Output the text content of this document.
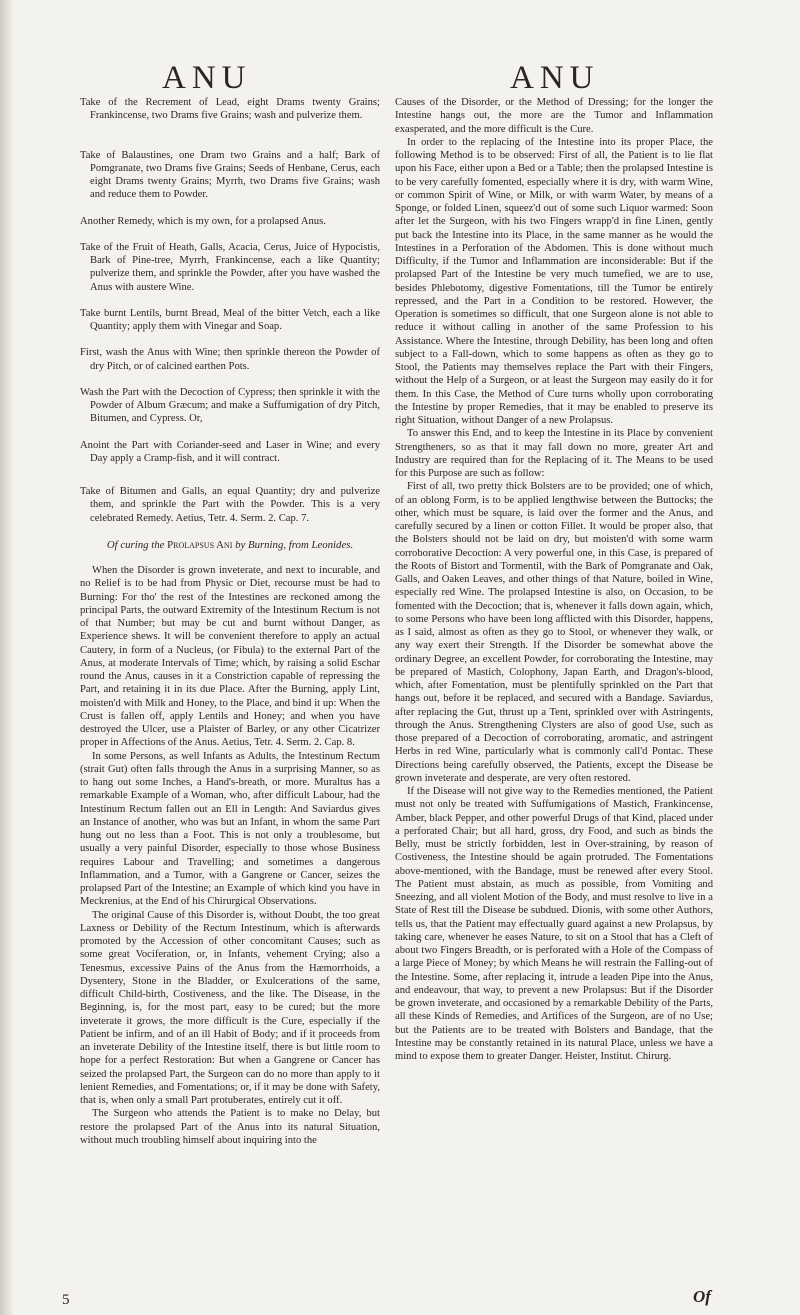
ANU	ANU

Take of the Recrement of Lead, eight Drams twenty Grains; Frankincense, two Drams five Grains; wash and pulverize them.

Take of Balaustines, one Dram two Grains and a half; Bark of Pomgranate, two Drams five Grains; Seeds of Henbane, Cerus, each eight Drams twenty Grains; Myrrh, two Drams five Grains; wash and reduce them to Powder.

Another Remedy, which is my own, for a prolapsed Anus.

Take of the Fruit of Heath, Galls, Acacia, Cerus, Juice of Hypocistis, Bark of Pine-tree, Myrrh, Frankincense, each a like Quantity; pulverize them, and sprinkle the Powder, after you have washed the Anus with austere Wine.

Take burnt Lentils, burnt Bread, Meal of the bitter Vetch, each a like Quantity; apply them with Vinegar and Soap.

First, wash the Anus with Wine; then sprinkle thereon the Powder of dry Pitch, or of calcined earthen Pots.

Wash the Part with the Decoction of Cypress; then sprinkle it with the Powder of Album Græcum; and make a Suffumigation of dry Pitch, Bitumen, and Cypress. Or,

Anoint the Part with Coriander-seed and Laser in Wine; and every Day apply a Cramp-fish, and it will contract.

Take of Bitumen and Galls, an equal Quantity; dry and pulverize them, and sprinkle the Part with the Powder. This is a very celebrated Remedy. Aetius, Tetr. 4. Serm. 2. Cap. 7.

Of curing the Prolapsus Ani by Burning, from Leonides.

When the Disorder is grown inveterate, and next to incurable, and no Relief is to be had from Physic or Diet, recourse must be had to Burning: For tho' the rest of the Intestines are reckoned among the principal Parts, the outward Extremity of the Intestinum Rectum is not of that Number; but may be cut and burnt without Danger, as Experience shews. It will be convenient therefore to apply an actual Cautery, in form of a Nucleus, (or Fibula) to the external Part of the Anus, at moderate Intervals of Time; which, by raising a solid Eschar round the Anus, causes in it a Constriction capable of repressing the Part, and retaining it in its due Place. After the Burning, apply Lint, moisten'd with Milk and Honey, to the Place, and bind it up: When the Crust is fallen off, apply Lentils and Honey; and when you have destroyed the Ulcer, use a Plaister of Barley, or any other Cicatrizer proper in Affections of the Anus. Aetius, Tetr. 4. Serm. 2. Cap. 8.

In some Persons, as well Infants as Adults, the Intestinum Rectum (strait Gut) often falls through the Anus in a surprising Manner, so as to hang out some Inches, a Hand's-breath, or more. Muraltus has a remarkable Example of a Woman, who, after difficult Labour, had the Intestinum Rectum fallen out an Ell in Length: And Saviardus gives an Instance of another, who was but an Infant, in whom the same Part hung out no less than a Foot. This is not only a troublesome, but usually a very painful Disorder, especially to those whose Business requires Labour and Travelling; and sometimes a dangerous Inflammation, and a Tumor, with a Gangrene or Cancer, seizes the prolapsed Part of the Intestine; an Example of which kind you have in Meckrenius, at the End of his Chirurgical Observations.

The original Cause of this Disorder is, without Doubt, the too great Laxness or Debility of the Rectum Intestinum, which is afterwards promoted by the Accession of other concomitant Causes; such as some great Vociferation, or, in Infants, vehement Crying; also a Tenesmus, excessive Pains of the Anus from the Hæmorrhoids, a Dysentery, Stone in the Bladder, or Exulcerations of the same, difficult Child-birth, Costiveness, and the like. The Disease, in the Beginning, is, for the most part, easy to be cured; but the more inveterate it grows, the more difficult is the Cure, especially if the Patient be infirm, and of an ill Habit of Body; and if it proceeds from an inveterate Debility of the Intestine itself, there is but little room to hope for a perfect Restoration: But when a Gangrene or Cancer has seized the prolapsed Part, the Surgeon can do no more than apply to it lenient Remedies, and Fomentations; or, if it may be done with Safety, that is, when only a small Part protuberates, entirely cut it off.

The Surgeon who attends the Patient is to make no Delay, but restore the prolapsed Part of the Anus into its natural Situation, without much troubling himself about inquiring into the

Causes of the Disorder, or the Method of Dressing; for the longer the Intestine hangs out, the more are the Tumor and Inflammation exasperated, and the more difficult is the Cure.

In order to the replacing of the Intestine into its proper Place, the following Method is to be observed: First of all, the Patient is to lie flat upon his Face, either upon a Bed or a Table; then the prolapsed Intestine is to be very carefully fomented, especially where it is dry, with warm Wine, or common Spirit of Wine, or Milk, or with warm Water, by means of a Sponge, or folded Linen, squeez'd out of some such Liquor warmed: Soon after let the Surgeon, with his two Fingers wrapp'd in fine Linen, gently put back the Intestine into its Place, in the same manner as he would the Intestines in a Perforation of the Abdomen. This is done without much Difficulty, if the Tumor and Inflammation are inconsiderable: But if the prolapsed Part of the Intestine be very much tumefied, we are to use, besides Phlebotomy, digestive Fomentations, till the Tumor be entirely repressed, and the Part in a Condition to be restored. However, the Operation is sometimes so difficult, that one Surgeon alone is not able to reduce it without calling in another of the same Profession to his Assistance. Where the Intestine, through Debility, has been long and often subject to a Fall-down, which to some happens as often as they go to Stool, the Patients may themselves replace the Part with their Fingers, without the Help of a Surgeon, or at least the Surgeon may easily do it for them. In this Case, the Method of Cure turns wholly upon corroborating the Intestine by proper Remedies, that it may be enabled to preserve its right Situation, without Danger of a new Prolapsus.

To answer this End, and to keep the Intestine in its Place by convenient Strengtheners, so as that it may fall down no more, greater Art and Industry are required than for the Replacing of it. The Means to be used for this Purpose are such as follow:

First of all, two pretty thick Bolsters are to be provided; one of which, of an oblong Form, is to be applied lengthwise between the Buttocks; the other, which must be square, is laid over the former and the Anus, and carefully secured by a linen or cotton Fillet. It would be proper also, that the Bolsters should not be laid on dry, but moisten'd with some warm corroborative Decoction: A very powerful one, in this Case, is prepared of the Roots of Bistort and Tormentil, with the Bark of Pomgranate and Oak, Galls, and Oaken Leaves, and other things of that Nature, boiled in Wine, especially red Wine. The prolapsed Intestine is also, on Occasion, to be fomented with the Decoction; that is, whenever it falls down again, which, to some Persons who have been long afflicted with this Disorder, happens, as I said, almost as often as they go to Stool, or whenever they walk, or any way exert their Strength. If the Disorder be somewhat above the ordinary Degree, an excellent Powder, for corroborating the Intestine, may be prepared of Mastich, Colophony, Japan Earth, and Dragon's-blood, which, after Fomentation, must be plentifully sprinkled on the Part that hangs out, before it be replaced, and secured with a Bandage. Saviardus, after replacing the Gut, thrust up a Tent, sprinkled over with Astringents, through the Anus. Strengthening Clysters are also of good Use, such as those prepared of a Decoction of corroborating, aromatic, and astringent Herbs in red Wine, particularly what is commonly call'd Pontac. These Directions being carefully observed, the Patients, except the Disease be grown inveterate and desperate, are very often restored.

If the Disease will not give way to the Remedies mentioned, the Patient must not only be treated with Suffumigations of Mastich, Frankincense, Amber, black Pepper, and other powerful Drugs of that Kind, placed under a perforated Chair; but all hard, gross, dry Food, and such as binds the Belly, must be strictly forbidden, lest in Over-straining, by reason of Costiveness, the Intestine should be again protruded. The Fomentations above-mentioned, with the Bandage, must be renewed after every Stool. The Patient must abstain, as much as possible, from Vomiting and Sneezing, and all violent Motion of the Body, and must resolve to live in a State of Rest till the Disease be subdued. Dionis, with some other Authors, tells us, that the Patient may effectually guard against a new Prolapsus, by taking care, whenever he eases Nature, to sit on a Stool that has a Cleft of about two Fingers Breadth, or is perforated with a Hole of the Compass of a large Piece of Money; by which Means he will restrain the Falling-out of the Intestine. Some, after replacing it, intrude a leaden Pipe into the Anus, and endeavour, that way, to prevent a new Prolapsus: But if the Disorder be grown inveterate, and occasioned by a remarkable Debility of the Parts, all these Kinds of Remedies, and Artifices of the Surgeon, are of no Use; but the Patients are to be treated with Bolsters and Bandage, that the Intestine may be constantly retained in its natural Place, unless we have a mind to expose them to greater Danger. Heister, Institut. Chirurg.

5	Of
